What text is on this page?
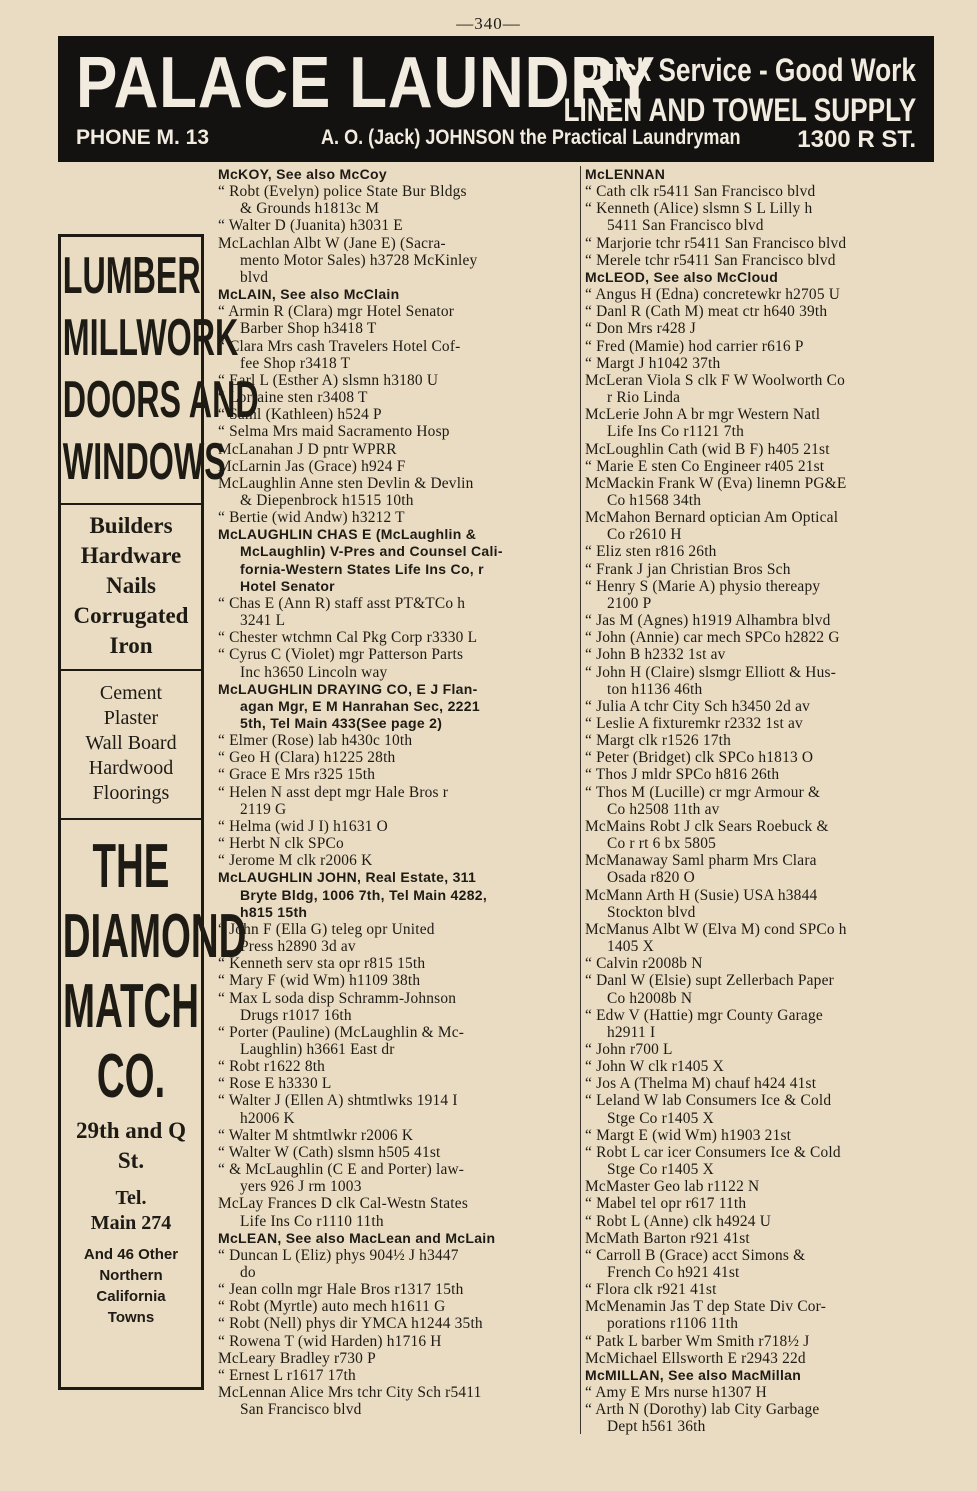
—340—
PALACE LAUNDRY
Quick Service - Good Work
LINEN AND TOWEL SUPPLY
PHONE M. 13	A. O. (Jack) JOHNSON the Practical Laundryman 1300 R ST.
LUMBER
MILLWORK
DOORS AND
WINDOWS
Builders
Hardware
Nails
Corrugated
Iron
Cement
Plaster
Wall Board
Hardwood
Floorings
THE
DIAMOND
MATCH
CO.
29th and Q
St.
Tel.
Main 274
And 46 Other
Northern
California
Towns
McKOY, See also McCoy
“ Robt (Evelyn) police State Bur Bldgs
& Grounds h1813c M
“ Walter D (Juanita) h3031 E
McLachlan Albt W (Jane E) (Sacra-
mento Motor Sales) h3728 McKinley
blvd
McLAIN, See also McClain
“ Armin R (Clara) mgr Hotel Senator
Barber Shop h3418 T
“ Clara Mrs cash Travelers Hotel Cof-
fee Shop r3418 T
“ Earl L (Esther A) slsmn h3180 U
“ Lorraine sten r3408 T
“ Saml (Kathleen) h524 P
“ Selma Mrs maid Sacramento Hosp
McLanahan J D pntr WPRR
McLarnin Jas (Grace) h924 F
McLaughlin Anne sten Devlin & Devlin
& Diepenbrock h1515 10th
“ Bertie (wid Andw) h3212 T
McLAUGHLIN CHAS E (McLaughlin &
McLaughlin) V-Pres and Counsel Cali-
fornia-Western States Life Ins Co, r
Hotel Senator
“ Chas E (Ann R) staff asst PT&TCo h
3241 L
“ Chester wtchmn Cal Pkg Corp r3330 L
“ Cyrus C (Violet) mgr Patterson Parts
Inc h3650 Lincoln way
McLAUGHLIN DRAYING CO, E J Flan-
agan Mgr, E M Hanrahan Sec, 2221
5th, Tel Main 433(See page 2)
“ Elmer (Rose) lab h430c 10th
“ Geo H (Clara) h1225 28th
“ Grace E Mrs r325 15th
“ Helen N asst dept mgr Hale Bros r
2119 G
“ Helma (wid J I) h1631 O
“ Herbt N clk SPCo
“ Jerome M clk r2006 K
McLAUGHLIN JOHN, Real Estate, 311
Bryte Bldg, 1006 7th, Tel Main 4282,
h815 15th
“ John F (Ella G) teleg opr United
Press h2890 3d av
“ Kenneth serv sta opr r815 15th
“ Mary F (wid Wm) h1109 38th
“ Max L soda disp Schramm-Johnson
Drugs r1017 16th
“ Porter (Pauline) (McLaughlin & Mc-
Laughlin) h3661 East dr
“ Robt r1622 8th
“ Rose E h3330 L
“ Walter J (Ellen A) shtmtlwks 1914 I
h2006 K
“ Walter M shtmtlwkr r2006 K
“ Walter W (Cath) slsmn h505 41st
“ & McLaughlin (C E and Porter) law-
yers 926 J rm 1003
McLay Frances D clk Cal-Westn States
Life Ins Co r1110 11th
McLEAN, See also MacLean and McLain
“ Duncan L (Eliz) phys 904½ J h3447
do
“ Jean colln mgr Hale Bros r1317 15th
“ Robt (Myrtle) auto mech h1611 G
“ Robt (Nell) phys dir YMCA h1244 35th
“ Rowena T (wid Harden) h1716 H
McLeary Bradley r730 P
“ Ernest L r1617 17th
McLennan Alice Mrs tchr City Sch r5411
San Francisco blvd
McLENNAN
“ Cath clk r5411 San Francisco blvd
“ Kenneth (Alice) slsmn S L Lilly h
5411 San Francisco blvd
“ Marjorie tchr r5411 San Francisco blvd
“ Merele tchr r5411 San Francisco blvd
McLEOD, See also McCloud
“ Angus H (Edna) concretewkr h2705 U
“ Danl R (Cath M) meat ctr h640 39th
“ Don Mrs r428 J
“ Fred (Mamie) hod carrier r616 P
“ Margt J h1042 37th
McLeran Viola S clk F W Woolworth Co
r Rio Linda
McLerie John A br mgr Western Natl
Life Ins Co r1121 7th
McLoughlin Cath (wid B F) h405 21st
“ Marie E sten Co Engineer r405 21st
McMackin Frank W (Eva) linemn PG&E
Co h1568 34th
McMahon Bernard optician Am Optical
Co r2610 H
“ Eliz sten r816 26th
“ Frank J jan Christian Bros Sch
“ Henry S (Marie A) physio thereapy
2100 P
“ Jas M (Agnes) h1919 Alhambra blvd
“ John (Annie) car mech SPCo h2822 G
“ John B h2332 1st av
“ John H (Claire) slsmgr Elliott & Hus-
ton h1136 46th
“ Julia A tchr City Sch h3450 2d av
“ Leslie A fixturemkr r2332 1st av
“ Margt clk r1526 17th
“ Peter (Bridget) clk SPCo h1813 O
“ Thos J mldr SPCo h816 26th
“ Thos M (Lucille) cr mgr Armour &
Co h2508 11th av
McMains Robt J clk Sears Roebuck &
Co r rt 6 bx 5805
McManaway Saml pharm Mrs Clara
Osada r820 O
McMann Arth H (Susie) USA h3844
Stockton blvd
McManus Albt W (Elva M) cond SPCo h
1405 X
“ Calvin r2008b N
“ Danl W (Elsie) supt Zellerbach Paper
Co h2008b N
“ Edw V (Hattie) mgr County Garage
h2911 I
“ John r700 L
“ John W clk r1405 X
“ Jos A (Thelma M) chauf h424 41st
“ Leland W lab Consumers Ice & Cold
Stge Co r1405 X
“ Margt E (wid Wm) h1903 21st
“ Robt L car icer Consumers Ice & Cold
Stge Co r1405 X
McMaster Geo lab r1122 N
“ Mabel tel opr r617 11th
“ Robt L (Anne) clk h4924 U
McMath Barton r921 41st
“ Carroll B (Grace) acct Simons &
French Co h921 41st
“ Flora clk r921 41st
McMenamin Jas T dep State Div Cor-
porations r1106 11th
“ Patk L barber Wm Smith r718½ J
McMichael Ellsworth E r2943 22d
McMILLAN, See also MacMillan
“ Amy E Mrs nurse h1307 H
“ Arth N (Dorothy) lab City Garbage
Dept h561 36th
